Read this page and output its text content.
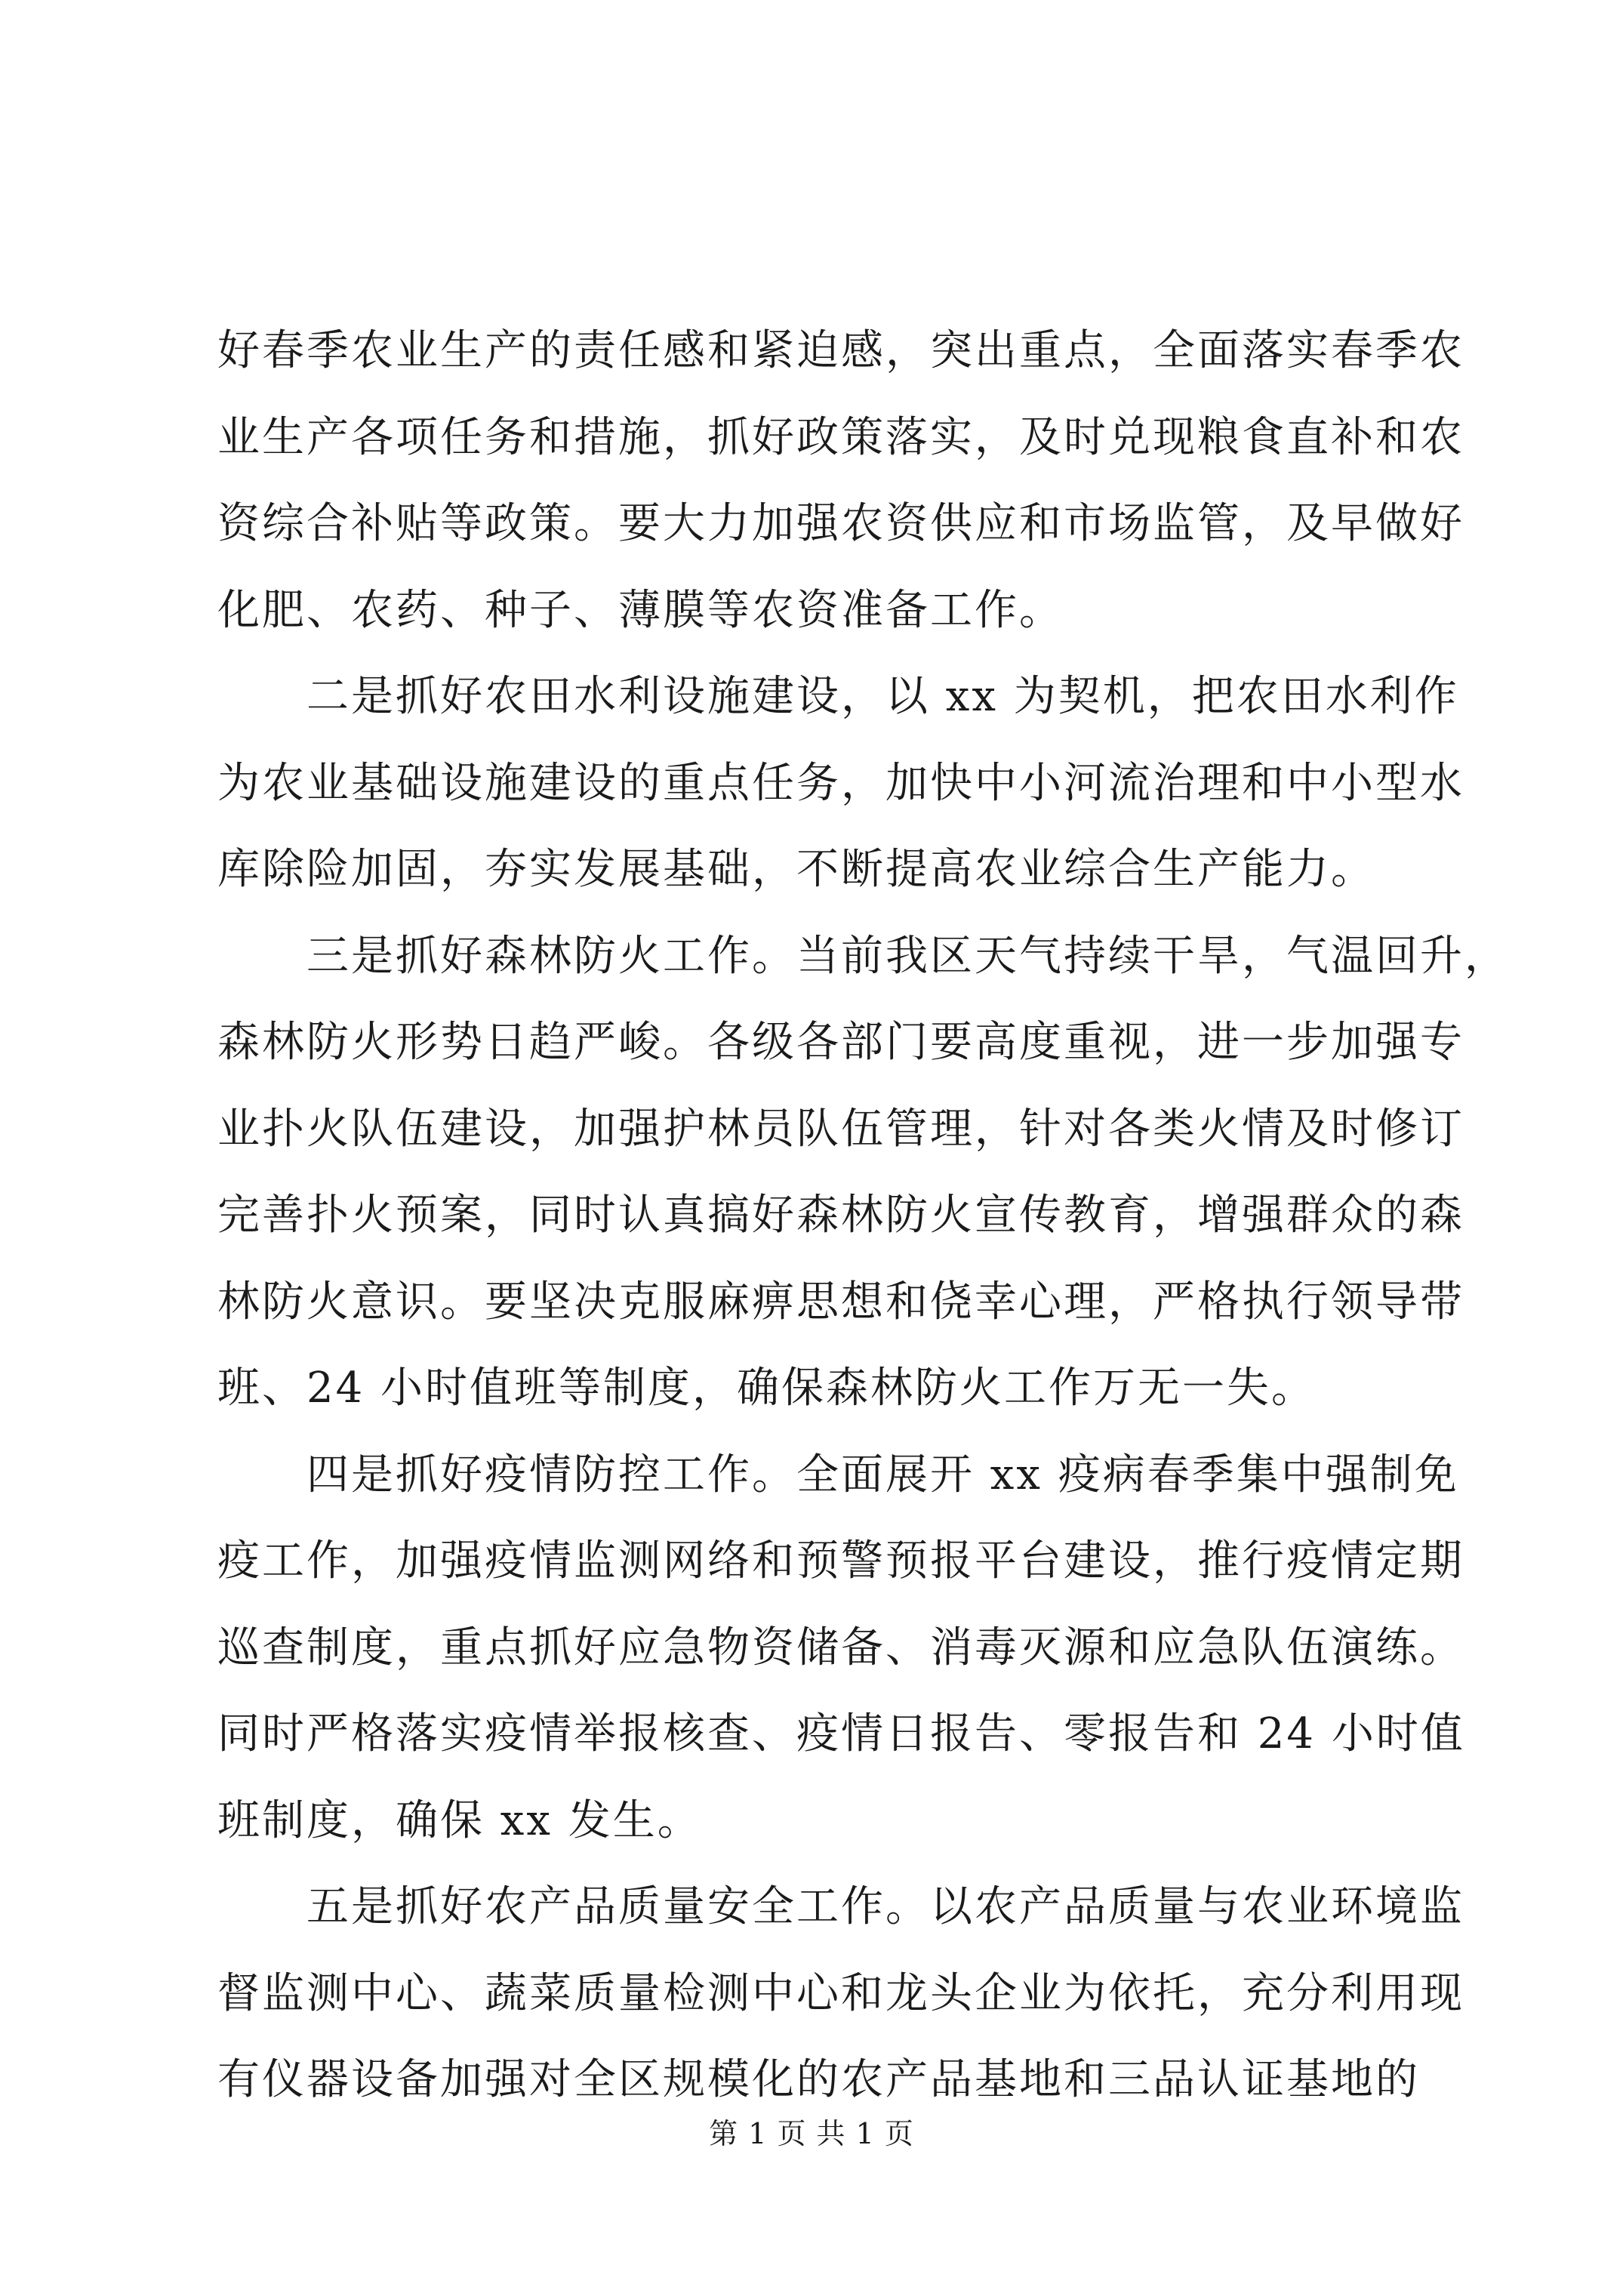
好春季农业生产的责任感和紧迫感，突出重点，全面落实春季农
业生产各项任务和措施，抓好政策落实，及时兑现粮食直补和农
资综合补贴等政策。要大力加强农资供应和市场监管，及早做好
化肥、农药、种子、薄膜等农资准备工作。
二是抓好农田水利设施建设，以 xx 为契机，把农田水利作
为农业基础设施建设的重点任务，加快中小河流治理和中小型水
库除险加固，夯实发展基础，不断提高农业综合生产能力。
三是抓好森林防火工作。当前我区天气持续干旱，气温回升，
森林防火形势日趋严峻。各级各部门要高度重视，进一步加强专
业扑火队伍建设，加强护林员队伍管理，针对各类火情及时修订
完善扑火预案，同时认真搞好森林防火宣传教育，增强群众的森
林防火意识。要坚决克服麻痹思想和侥幸心理，严格执行领导带
班、24 小时值班等制度，确保森林防火工作万无一失。
四是抓好疫情防控工作。全面展开 xx 疫病春季集中强制免
疫工作，加强疫情监测网络和预警预报平台建设，推行疫情定期
巡查制度，重点抓好应急物资储备、消毒灭源和应急队伍演练。
同时严格落实疫情举报核查、疫情日报告、零报告和 24 小时值
班制度，确保 xx 发生。
五是抓好农产品质量安全工作。以农产品质量与农业环境监
督监测中心、蔬菜质量检测中心和龙头企业为依托，充分利用现
有仪器设备加强对全区规模化的农产品基地和三品认证基地的
第 1 页 共 1 页
